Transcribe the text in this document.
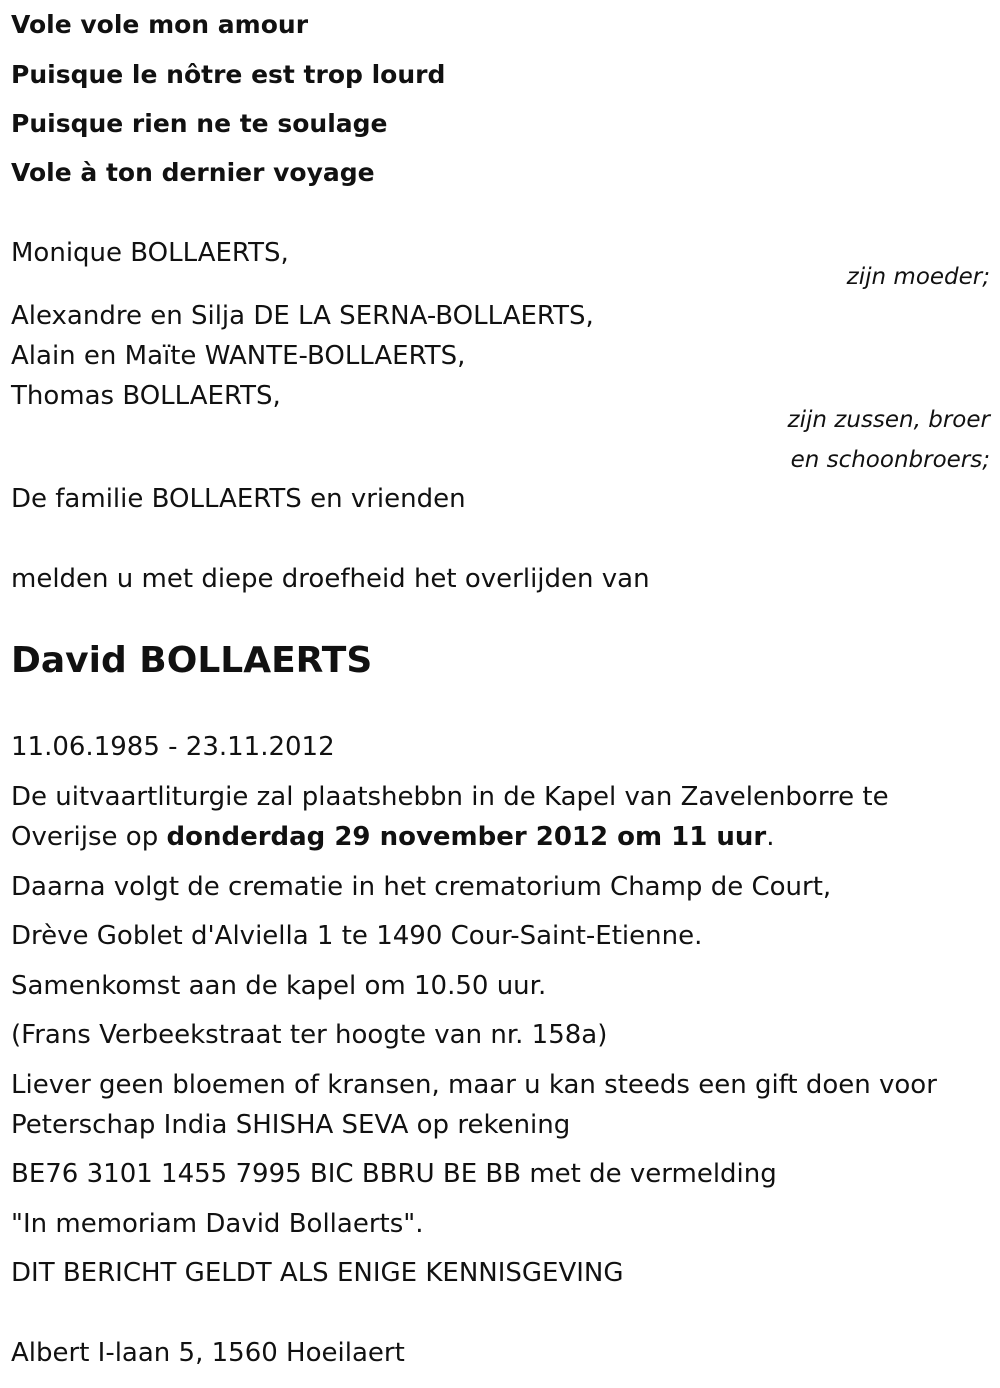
Vole vole mon amour
Puisque le nôtre est trop lourd
Puisque rien ne te soulage
Vole à ton dernier voyage
Monique BOLLAERTS,
zijn moeder;
Alexandre en Silja DE LA SERNA-BOLLAERTS,
Alain en Maïte WANTE-BOLLAERTS,
Thomas BOLLAERTS,
zijn zussen, broer
en schoonbroers;
De familie BOLLAERTS en vrienden
melden u met diepe droefheid het overlijden van
David BOLLAERTS
11.06.1985 - 23.11.2012
De uitvaartliturgie zal plaatshebbn in de Kapel van Zavelenborre te
Overijse op donderdag 29 november 2012 om 11 uur.
Daarna volgt de crematie in het crematorium Champ de Court,
Drève Goblet d'Alviella 1 te 1490 Cour-Saint-Etienne.
Samenkomst aan de kapel om 10.50 uur.
(Frans Verbeekstraat ter hoogte van nr. 158a)
Liever geen bloemen of kransen, maar u kan steeds een gift doen voor
Peterschap India SHISHA SEVA op rekening
BE76 3101 1455 7995 BIC BBRU BE BB met de vermelding
"In memoriam David Bollaerts".
DIT BERICHT GELDT ALS ENIGE KENNISGEVING
Albert I-laan 5, 1560 Hoeilaert
